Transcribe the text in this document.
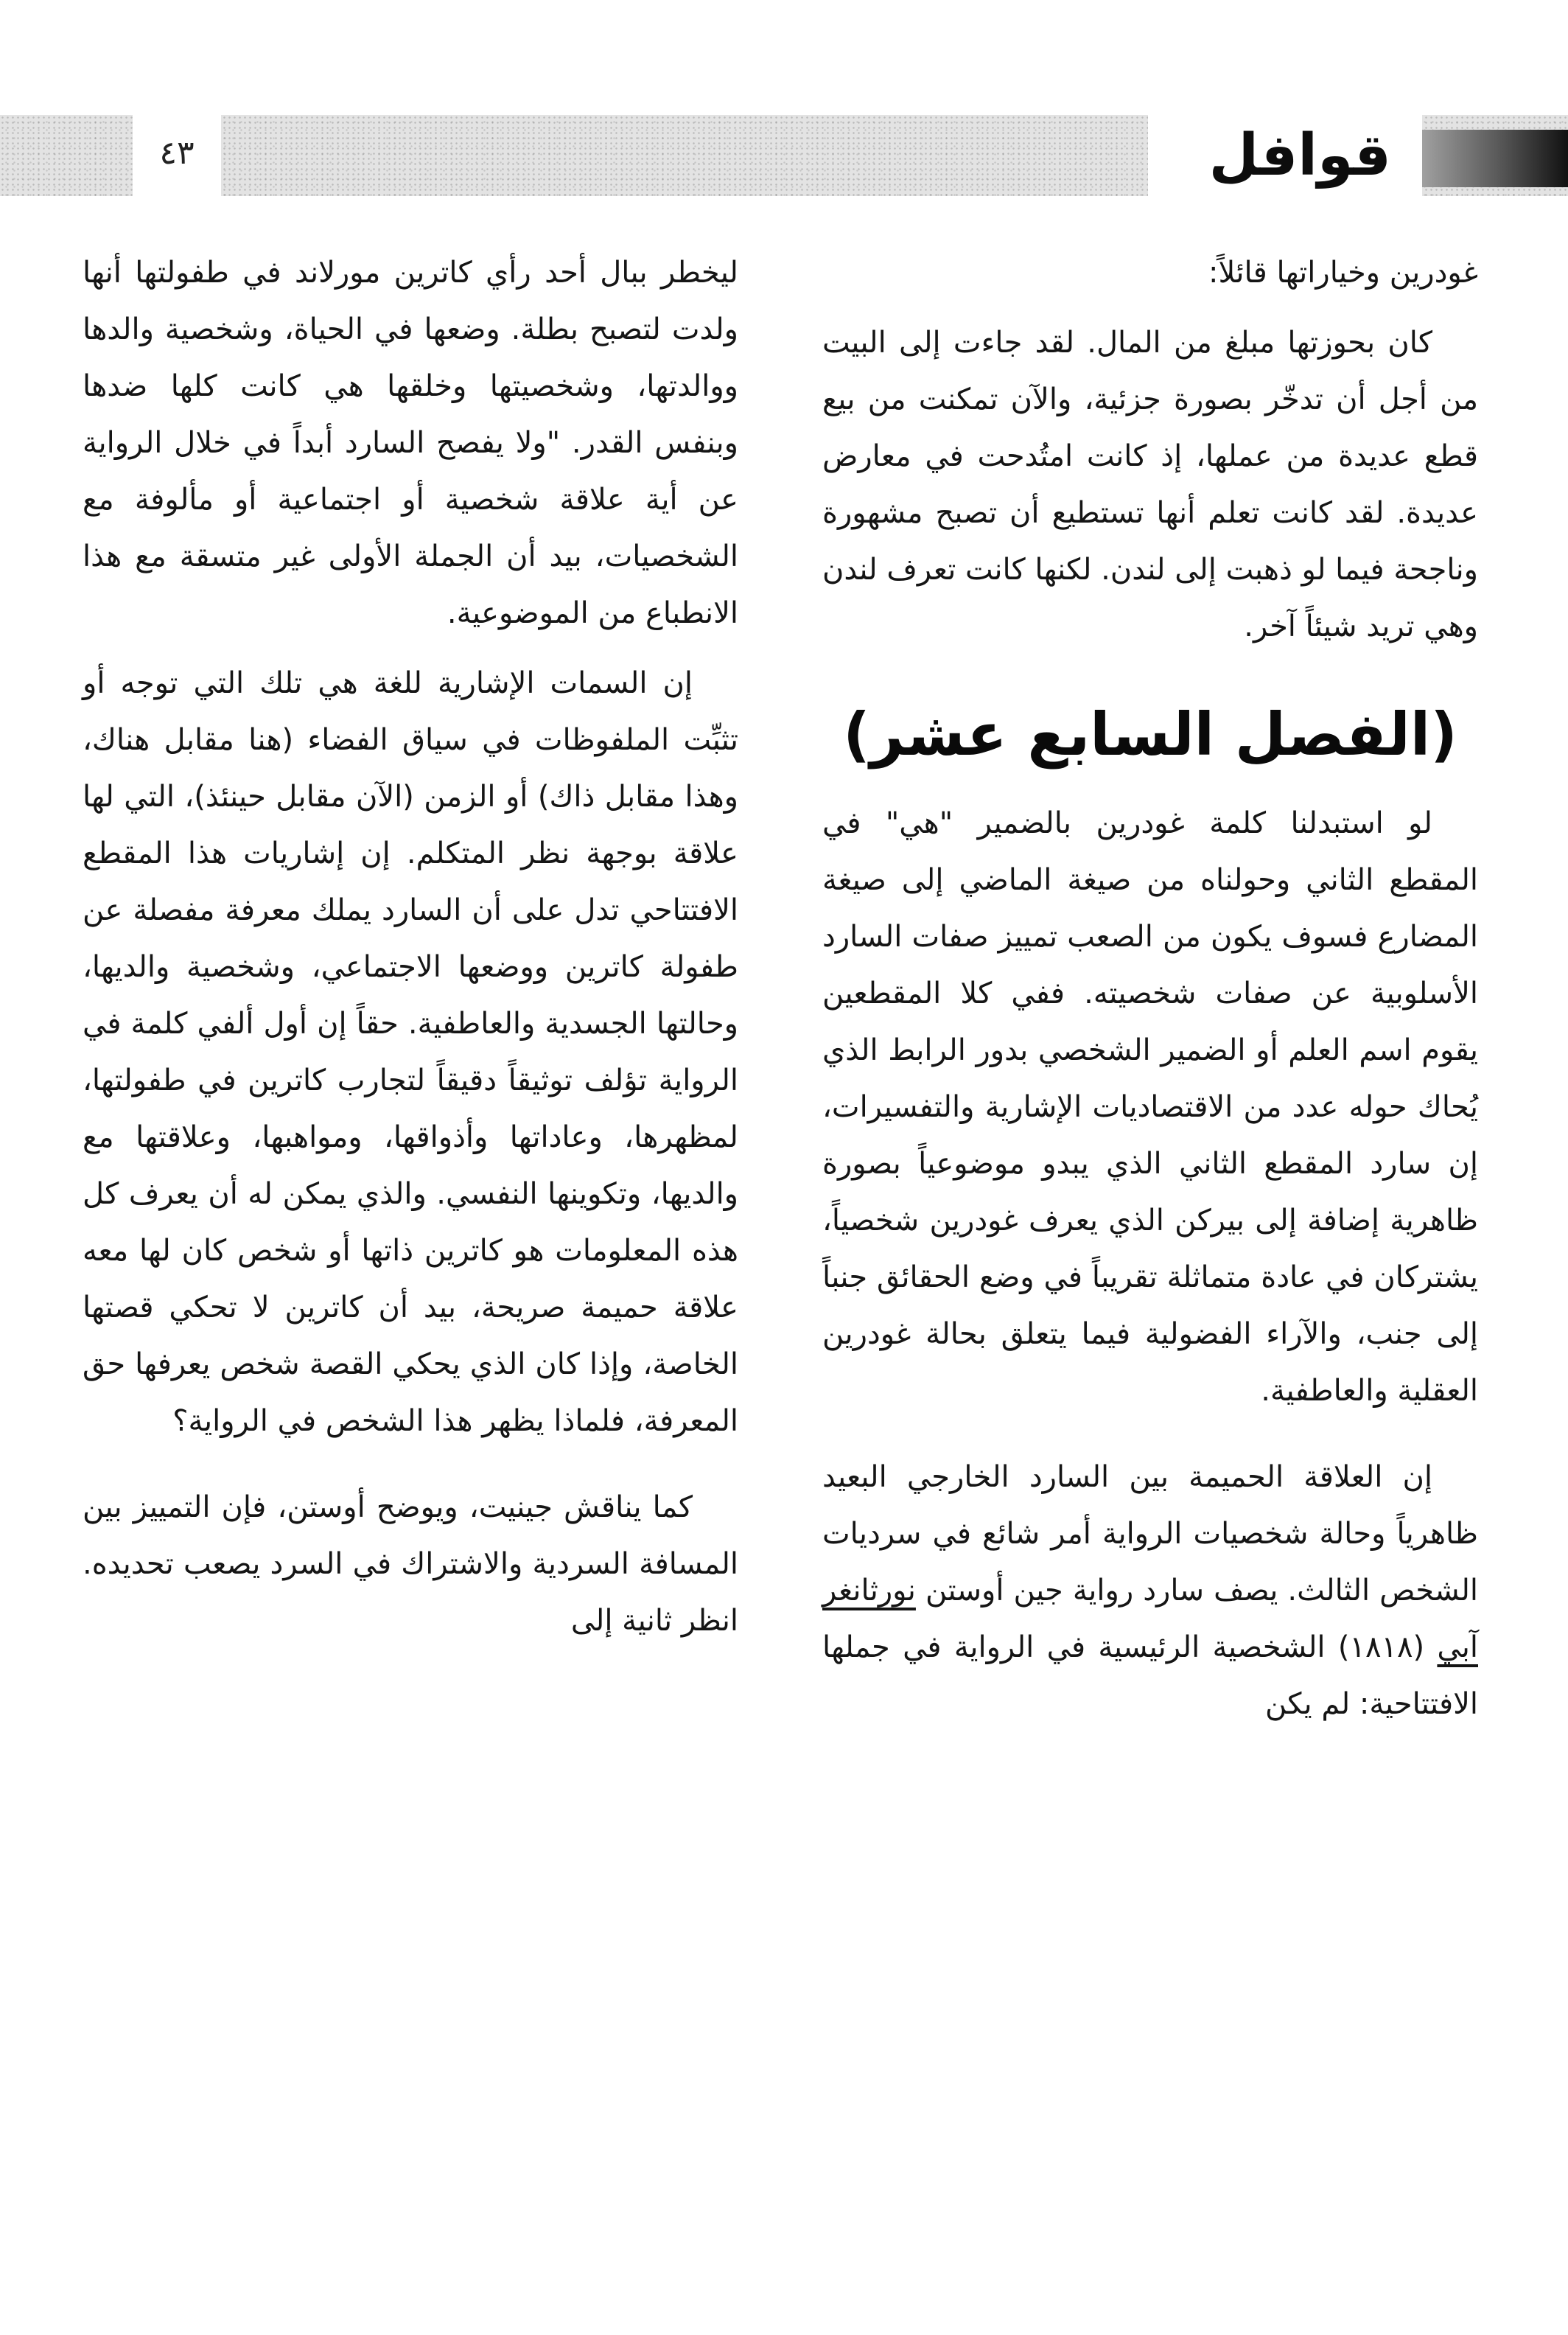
قوافل
٤٣

غودرين وخياراتها قائلاً:

كان بحوزتها مبلغ من المال. لقد جاءت إلى البيت من أجل أن تدخّر بصورة جزئية، والآن تمكنت من بيع قطع عديدة من عملها، إذ كانت امتُدحت في معارض عديدة. لقد كانت تعلم أنها تستطيع أن تصبح مشهورة وناجحة فيما لو ذهبت إلى لندن. لكنها كانت تعرف لندن وهي تريد شيئاً آخر.

(الفصل السابع عشر)

لو استبدلنا كلمة غودرين بالضمير "هي" في المقطع الثاني وحولناه من صيغة الماضي إلى صيغة المضارع فسوف يكون من الصعب تمييز صفات السارد الأسلوبية عن صفات شخصيته. ففي كلا المقطعين يقوم اسم العلم أو الضمير الشخصي بدور الرابط الذي يُحاك حوله عدد من الاقتصاديات الإشارية والتفسيرات، إن سارد المقطع الثاني الذي يبدو موضوعياً بصورة ظاهرية إضافة إلى بيركن الذي يعرف غودرين شخصياً، يشتركان في عادة متماثلة تقريباً في وضع الحقائق جنباً إلى جنب، والآراء الفضولية فيما يتعلق بحالة غودرين العقلية والعاطفية.

إن العلاقة الحميمة بين السارد الخارجي البعيد ظاهرياً وحالة شخصيات الرواية أمر شائع في سرديات الشخص الثالث. يصف سارد رواية جين أوستن نورثانغر آبي (١٨١٨) الشخصية الرئيسية في الرواية في جملها الافتتاحية: لم يكن

ليخطر ببال أحد رأي كاترين مورلاند في طفولتها أنها ولدت لتصبح بطلة. وضعها في الحياة، وشخصية والدها ووالدتها، وشخصيتها وخلقها هي كانت كلها ضدها وبنفس القدر. "ولا يفصح السارد أبداً في خلال الرواية عن أية علاقة شخصية أو اجتماعية أو مألوفة مع الشخصيات، بيد أن الجملة الأولى غير متسقة مع هذا الانطباع من الموضوعية.

إن السمات الإشارية للغة هي تلك التي توجه أو تثبِّت الملفوظات في سياق الفضاء (هنا مقابل هناك، وهذا مقابل ذاك) أو الزمن (الآن مقابل حينئذ)، التي لها علاقة بوجهة نظر المتكلم. إن إشاريات هذا المقطع الافتتاحي تدل على أن السارد يملك معرفة مفصلة عن طفولة كاترين ووضعها الاجتماعي، وشخصية والديها، وحالتها الجسدية والعاطفية. حقاً إن أول ألفي كلمة في الرواية تؤلف توثيقاً دقيقاً لتجارب كاترين في طفولتها، لمظهرها، وعاداتها وأذواقها، ومواهبها، وعلاقتها مع والديها، وتكوينها النفسي. والذي يمكن له أن يعرف كل هذه المعلومات هو كاترين ذاتها أو شخص كان لها معه علاقة حميمة صريحة، بيد أن كاترين لا تحكي قصتها الخاصة، وإذا كان الذي يحكي القصة شخص يعرفها حق المعرفة، فلماذا يظهر هذا الشخص في الرواية؟

كما يناقش جينيت، ويوضح أوستن، فإن التمييز بين المسافة السردية والاشتراك في السرد يصعب تحديده. انظر ثانية إلى
